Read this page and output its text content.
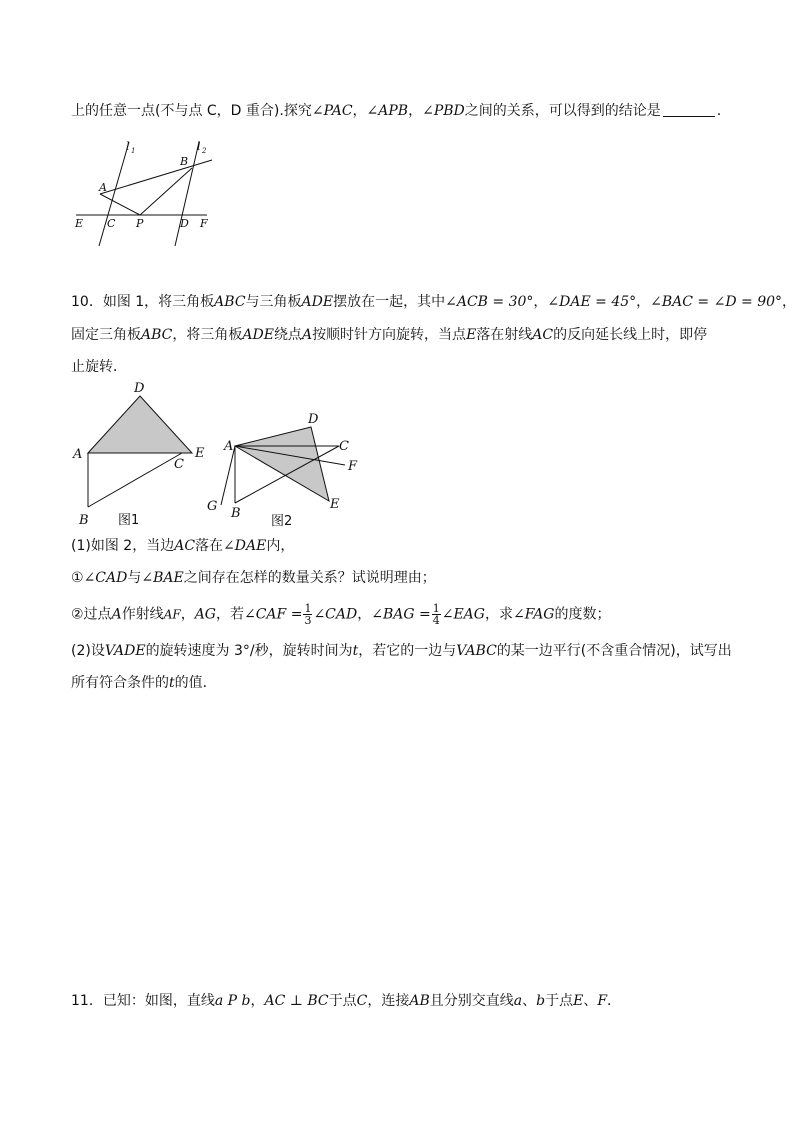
上的任意一点(不与点 C，D 重合).探究∠PAC，∠APB，∠PBD之间的关系，可以得到的结论是	.
l 1	l 2
B
A
E C P	D F
10．如图 1，将三角板ABC与三角板ADE摆放在一起，其中∠ACB = 30°，∠DAE = 45°，∠BAC = ∠D = 90°，
固定三角板ABC，将三角板ADE绕点A按顺时针方向旋转，当点E落在射线AC的反向延长线上时，即停
止旋转．
D
A
C
E
B 图1
D
A	C
F
G B
E
图2
(1)如图 2，当边AC落在∠DAE内，
①∠CAD与∠BAE之间存在怎样的数量关系？试说明理由；
②过点A作射线AF，AG，若∠CAF = $\frac{1}{3}$ ∠CAD，∠BAG = $\frac{1}{4}$ ∠EAG，求∠FAG的度数；
(2)设VADE的旋转速度为 3°/秒，旋转时间为t，若它的一边与VABC的某一边平行(不含重合情况)，试写出
所有符合条件的t的值．
11．已知：如图，直线a P b，AC ⊥ BC于点C，连接AB且分别交直线a、b于点E、F．
